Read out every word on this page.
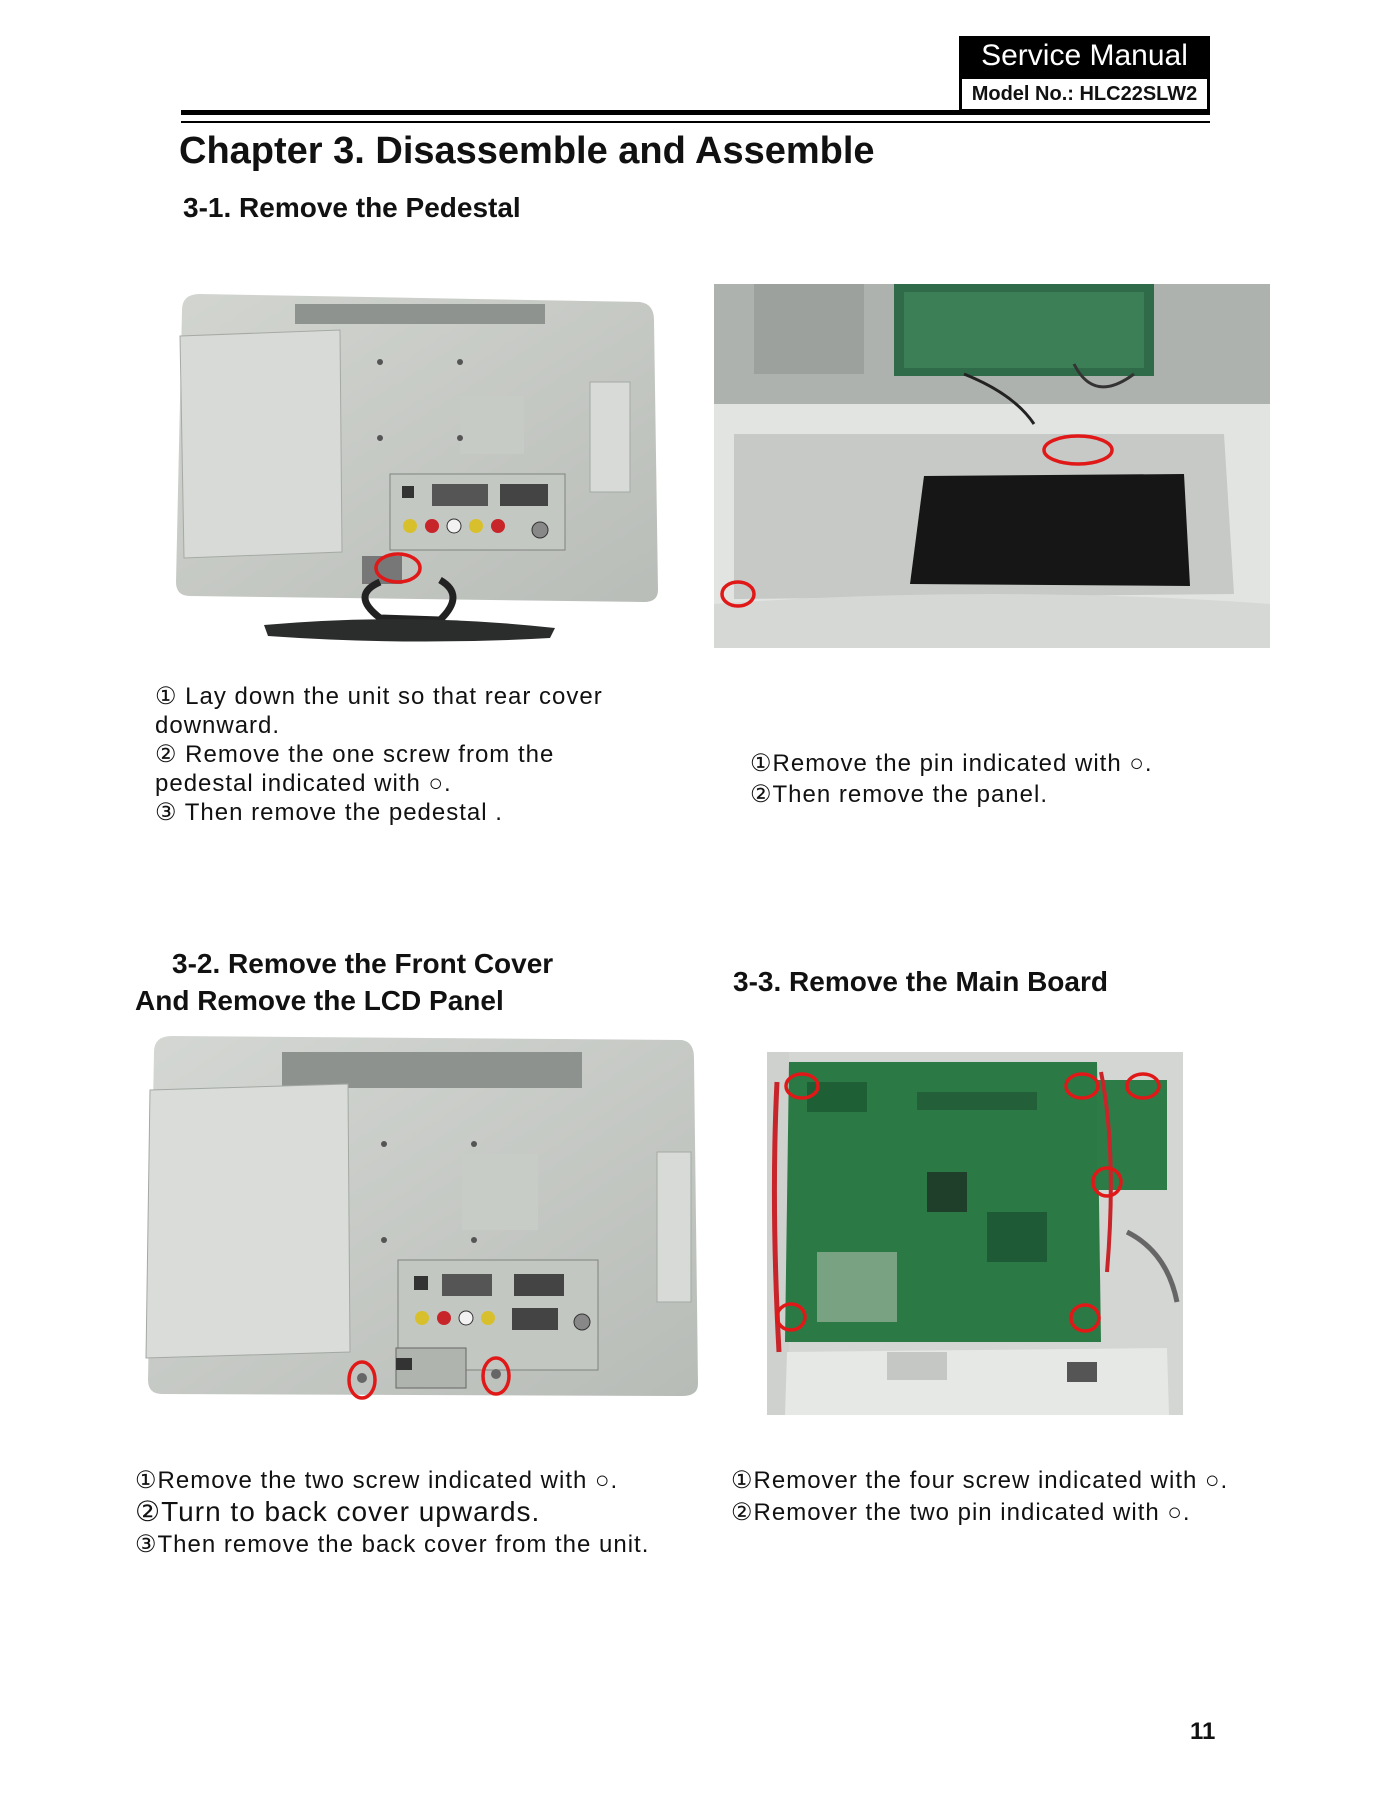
Service Manual
Model No.: HLC22SLW2
Chapter 3. Disassemble and Assemble
3-1. Remove the Pedestal
① Lay down the unit so that rear cover
downward.
② Remove the one screw from the
pedestal indicated with ○.
③ Then remove the pedestal .
①Remove the pin indicated with ○.
②Then remove the panel.
3-2. Remove the Front Cover
And Remove the LCD Panel
3-3. Remove the Main Board
①Remove the two screw indicated with ○.
②Turn to back cover upwards.
③Then remove the back cover from the unit.
①Remover the four screw indicated with ○.
②Remover the two pin indicated with ○.
11
